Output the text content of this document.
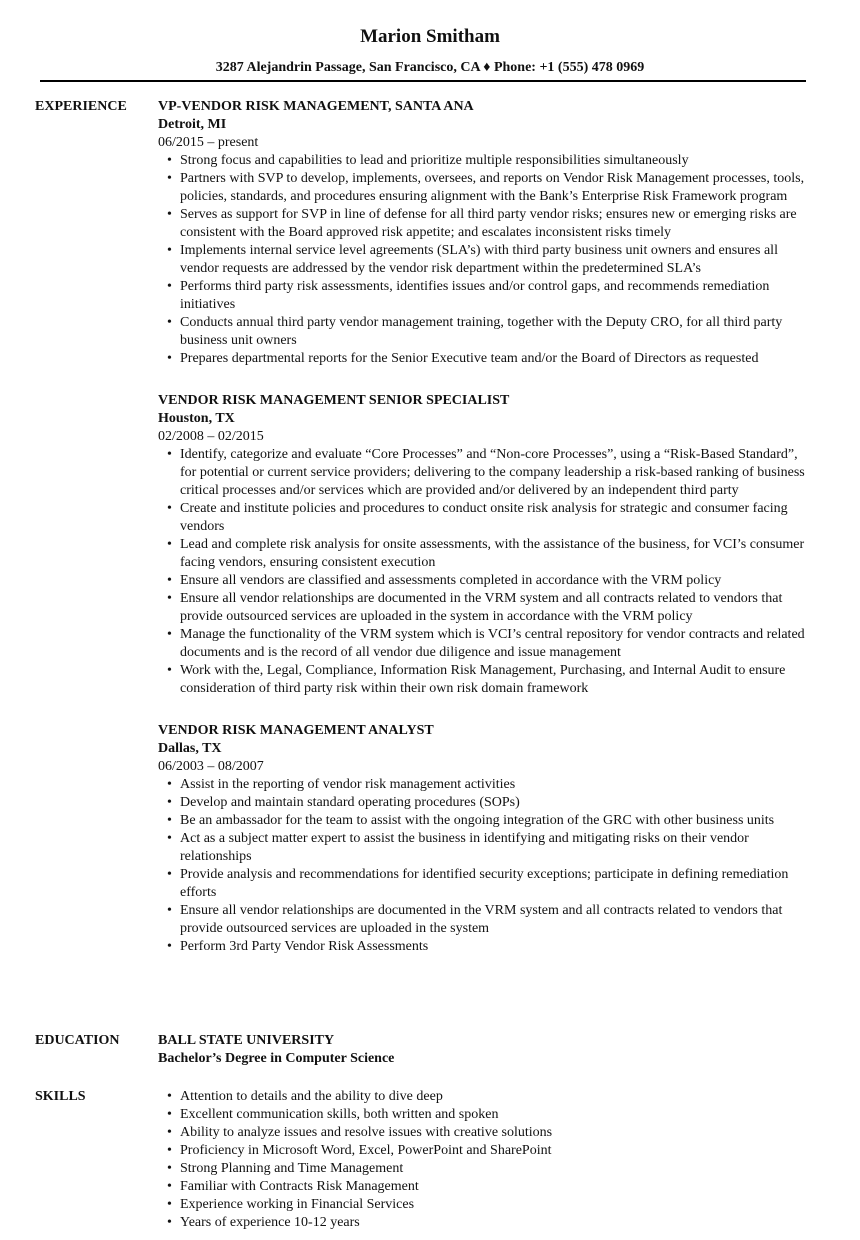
Marion Smitham
3287 Alejandrin Passage, San Francisco, CA ♦ Phone: +1 (555) 478 0969
EXPERIENCE	VP-VENDOR RISK MANAGEMENT, SANTA ANA
Detroit, MI
06/2015 – present
• Strong focus and capabilities to lead and prioritize multiple responsibilities simultaneously
• Partners with SVP to develop, implements, oversees, and reports on Vendor Risk Management processes, tools, policies, standards, and procedures ensuring alignment with the Bank’s Enterprise Risk Framework program
• Serves as support for SVP in line of defense for all third party vendor risks; ensures new or emerging risks are consistent with the Board approved risk appetite; and escalates inconsistent risks timely
• Implements internal service level agreements (SLA’s) with third party business unit owners and ensures all vendor requests are addressed by the vendor risk department within the predetermined SLA’s
• Performs third party risk assessments, identifies issues and/or control gaps, and recommends remediation initiatives
• Conducts annual third party vendor management training, together with the Deputy CRO, for all third party business unit owners
• Prepares departmental reports for the Senior Executive team and/or the Board of Directors as requested
VENDOR RISK MANAGEMENT SENIOR SPECIALIST
Houston, TX
02/2008 – 02/2015
• Identify, categorize and evaluate “Core Processes” and “Non-core Processes”, using a “Risk-Based Standard”, for potential or current service providers; delivering to the company leadership a risk-based ranking of business critical processes and/or services which are provided and/or delivered by an independent third party
• Create and institute policies and procedures to conduct onsite risk analysis for strategic and consumer facing vendors
• Lead and complete risk analysis for onsite assessments, with the assistance of the business, for VCI’s consumer facing vendors, ensuring consistent execution
• Ensure all vendors are classified and assessments completed in accordance with the VRM policy
• Ensure all vendor relationships are documented in the VRM system and all contracts related to vendors that provide outsourced services are uploaded in the system in accordance with the VRM policy
• Manage the functionality of the VRM system which is VCI’s central repository for vendor contracts and related documents and is the record of all vendor due diligence and issue management
• Work with the, Legal, Compliance, Information Risk Management, Purchasing, and Internal Audit to ensure consideration of third party risk within their own risk domain framework
VENDOR RISK MANAGEMENT ANALYST
Dallas, TX
06/2003 – 08/2007
• Assist in the reporting of vendor risk management activities
• Develop and maintain standard operating procedures (SOPs)
• Be an ambassador for the team to assist with the ongoing integration of the GRC with other business units
• Act as a subject matter expert to assist the business in identifying and mitigating risks on their vendor relationships
• Provide analysis and recommendations for identified security exceptions; participate in defining remediation efforts
• Ensure all vendor relationships are documented in the VRM system and all contracts related to vendors that provide outsourced services are uploaded in the system
• Perform 3rd Party Vendor Risk Assessments
EDUCATION	BALL STATE UNIVERSITY
Bachelor’s Degree in Computer Science
SKILLS	• Attention to details and the ability to dive deep
• Excellent communication skills, both written and spoken
• Ability to analyze issues and resolve issues with creative solutions
• Proficiency in Microsoft Word, Excel, PowerPoint and SharePoint
• Strong Planning and Time Management
• Familiar with Contracts Risk Management
• Experience working in Financial Services
• Years of experience 10-12 years
